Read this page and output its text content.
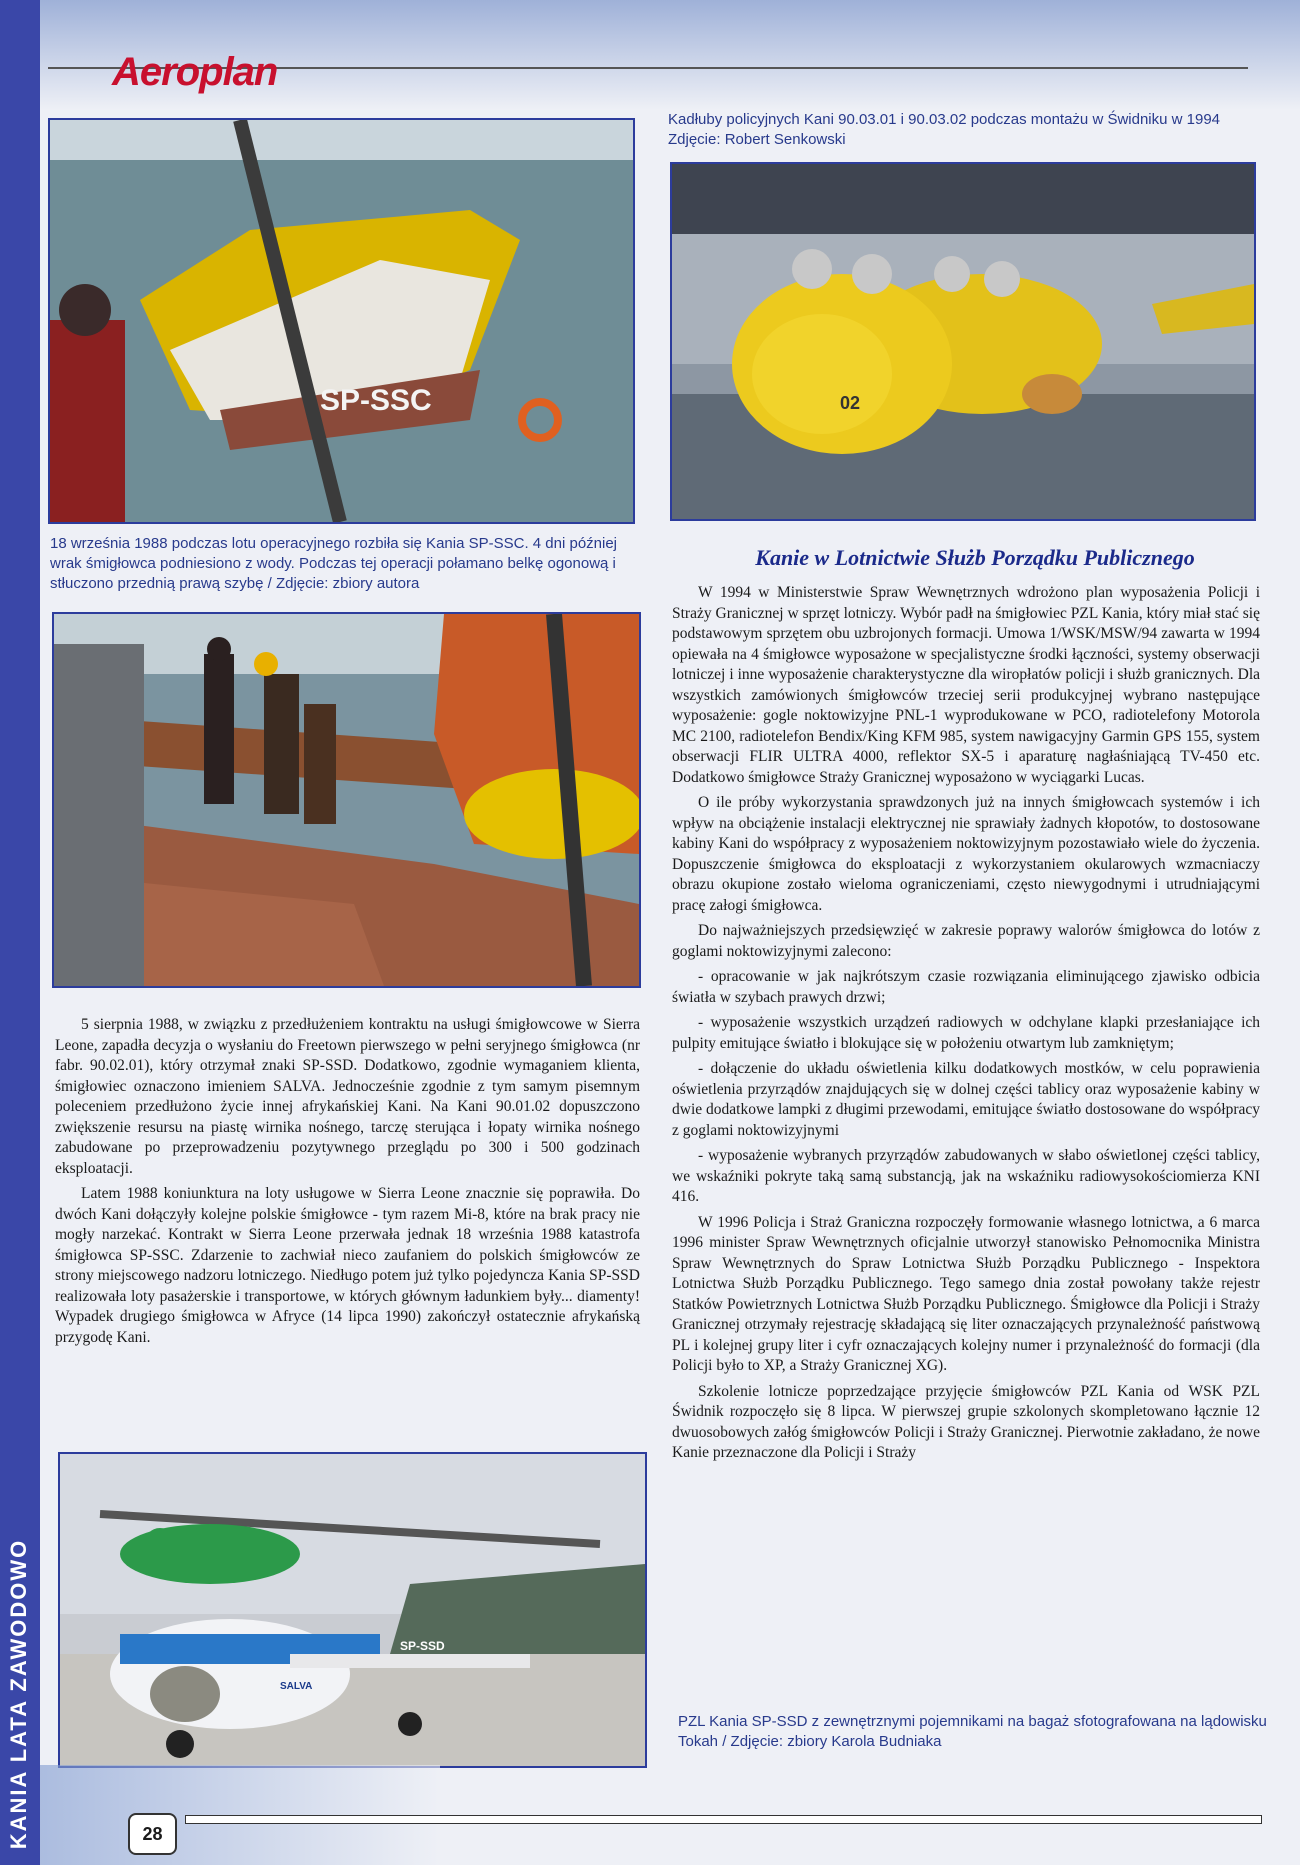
KANIA LATA ZAWODOWO
Aeroplan
SP-SSC
18 września 1988 podczas lotu operacyjnego rozbiła się Kania SP-SSC. 4 dni później wrak śmigłowca podniesiono z wody. Podczas tej operacji połamano belkę ogonową i stłuczono przednią prawą szybę / Zdjęcie: zbiory autora
Kadłuby policyjnych Kani 90.03.01 i 90.03.02 podczas montażu w Świdniku w 1994 Zdjęcie: Robert Senkowski
02
Kanie w Lotnictwie Służb Porządku Publicznego

5 sierpnia 1988, w związku z przedłużeniem kontraktu na usługi śmigłowcowe w Sierra Leone, zapadła decyzja o wysłaniu do Freetown pierwszego w pełni seryjnego śmigłowca (nr fabr. 90.02.01), który otrzymał znaki SP-SSD. Dodatkowo, zgodnie wymaganiem klienta, śmigłowiec oznaczono imieniem SALVA. Jednocześnie zgodnie z tym samym pisemnym poleceniem przedłużono życie innej afrykańskiej Kani. Na Kani 90.01.02 dopuszczono zwiększenie resursu na piastę wirnika nośnego, tarczę sterująca i łopaty wirnika nośnego zabudowane po przeprowadzeniu pozytywnego przeglądu po 300 i 500 godzinach eksploatacji.

Latem 1988 koniunktura na loty usługowe w Sierra Leone znacznie się poprawiła. Do dwóch Kani dołączyły kolejne polskie śmigłowce - tym razem Mi-8, które na brak pracy nie mogły narzekać. Kontrakt w Sierra Leone przerwała jednak 18 września 1988 katastrofa śmigłowca SP-SSC. Zdarzenie to zachwiał nieco zaufaniem do polskich śmigłowców ze strony miejscowego nadzoru lotniczego. Niedługo potem już tylko pojedyncza Kania SP-SSD realizowała loty pasażerskie i transportowe, w których głównym ładunkiem były... diamenty! Wypadek drugiego śmigłowca w Afryce (14 lipca 1990) zakończył ostatecznie afrykańską przygodę Kani.

W 1994 w Ministerstwie Spraw Wewnętrznych wdrożono plan wyposażenia Policji i Straży Granicznej w sprzęt lotniczy. Wybór padł na śmigłowiec PZL Kania, który miał stać się podstawowym sprzętem obu uzbrojonych formacji. Umowa 1/WSK/MSW/94 zawarta w 1994 opiewała na 4 śmigłowce wyposażone w specjalistyczne środki łączności, systemy obserwacji lotniczej i inne wyposażenie charakterystyczne dla wiropłatów policji i służb granicznych. Dla wszystkich zamówionych śmigłowców trzeciej serii produkcyjnej wybrano następujące wyposażenie: gogle noktowizyjne PNL-1 wyprodukowane w PCO, radiotelefony Motorola MC 2100, radiotelefon Bendix/King KFM 985, system nawigacyjny Garmin GPS 155, system obserwacji FLIR ULTRA 4000, reflektor SX-5 i aparaturę nagłaśniającą TV-450 etc. Dodatkowo śmigłowce Straży Granicznej wyposażono w wyciągarki Lucas.

O ile próby wykorzystania sprawdzonych już na innych śmigłowcach systemów i ich wpływ na obciążenie instalacji elektrycznej nie sprawiały żadnych kłopotów, to dostosowane kabiny Kani do współpracy z wyposażeniem noktowizyjnym pozostawiało wiele do życzenia. Dopuszczenie śmigłowca do eksploatacji z wykorzystaniem okularowych wzmacniaczy obrazu okupione zostało wieloma ograniczeniami, często niewygodnymi i utrudniającymi pracę załogi śmigłowca.

Do najważniejszych przedsięwzięć w zakresie poprawy walorów śmigłowca do lotów z goglami noktowizyjnymi zalecono:

- opracowanie w jak najkrótszym czasie rozwiązania eliminującego zjawisko odbicia światła w szybach prawych drzwi;

- wyposażenie wszystkich urządzeń radiowych w odchylane klapki przesłaniające ich pulpity emitujące światło i blokujące się w położeniu otwartym lub zamkniętym;

- dołączenie do układu oświetlenia kilku dodatkowych mostków, w celu poprawienia oświetlenia przyrządów znajdujących się w dolnej części tablicy oraz wyposażenie kabiny w dwie dodatkowe lampki z długimi przewodami, emitujące światło dostosowane do współpracy z goglami noktowizyjnymi

- wyposażenie wybranych przyrządów zabudowanych w słabo oświetlonej części tablicy, we wskaźniki pokryte taką samą substancją, jak na wskaźniku radiowysokościomierza KNI 416.

W 1996 Policja i Straż Graniczna rozpoczęły formowanie własnego lotnictwa, a 6 marca 1996 minister Spraw Wewnętrznych oficjalnie utworzył stanowisko Pełnomocnika Ministra Spraw Wewnętrznych do Spraw Lotnictwa Służb Porządku Publicznego - Inspektora Lotnictwa Służb Porządku Publicznego. Tego samego dnia został powołany także rejestr Statków Powietrznych Lotnictwa Służb Porządku Publicznego. Śmigłowce dla Policji i Straży Granicznej otrzymały rejestrację składającą się liter oznaczających przynależność państwową PL i kolejnej grupy liter i cyfr oznaczających kolejny numer i przynależność do formacji (dla Policji było to XP, a Straży Granicznej XG).

Szkolenie lotnicze poprzedzające przyjęcie śmigłowców PZL Kania od WSK PZL Świdnik rozpoczęło się 8 lipca. W pierwszej grupie szkolonych skompletowano łącznie 12 dwuosobowych załóg śmigłowców Policji i Straży Granicznej. Pierwotnie zakładano, że nowe Kanie przeznaczone dla Policji i Straży

SP-SSD
SALVA
PZL Kania SP-SSD z zewnętrznymi pojemnikami na bagaż sfotografowana na lądowisku Tokah / Zdjęcie: zbiory Karola Budniaka
28
